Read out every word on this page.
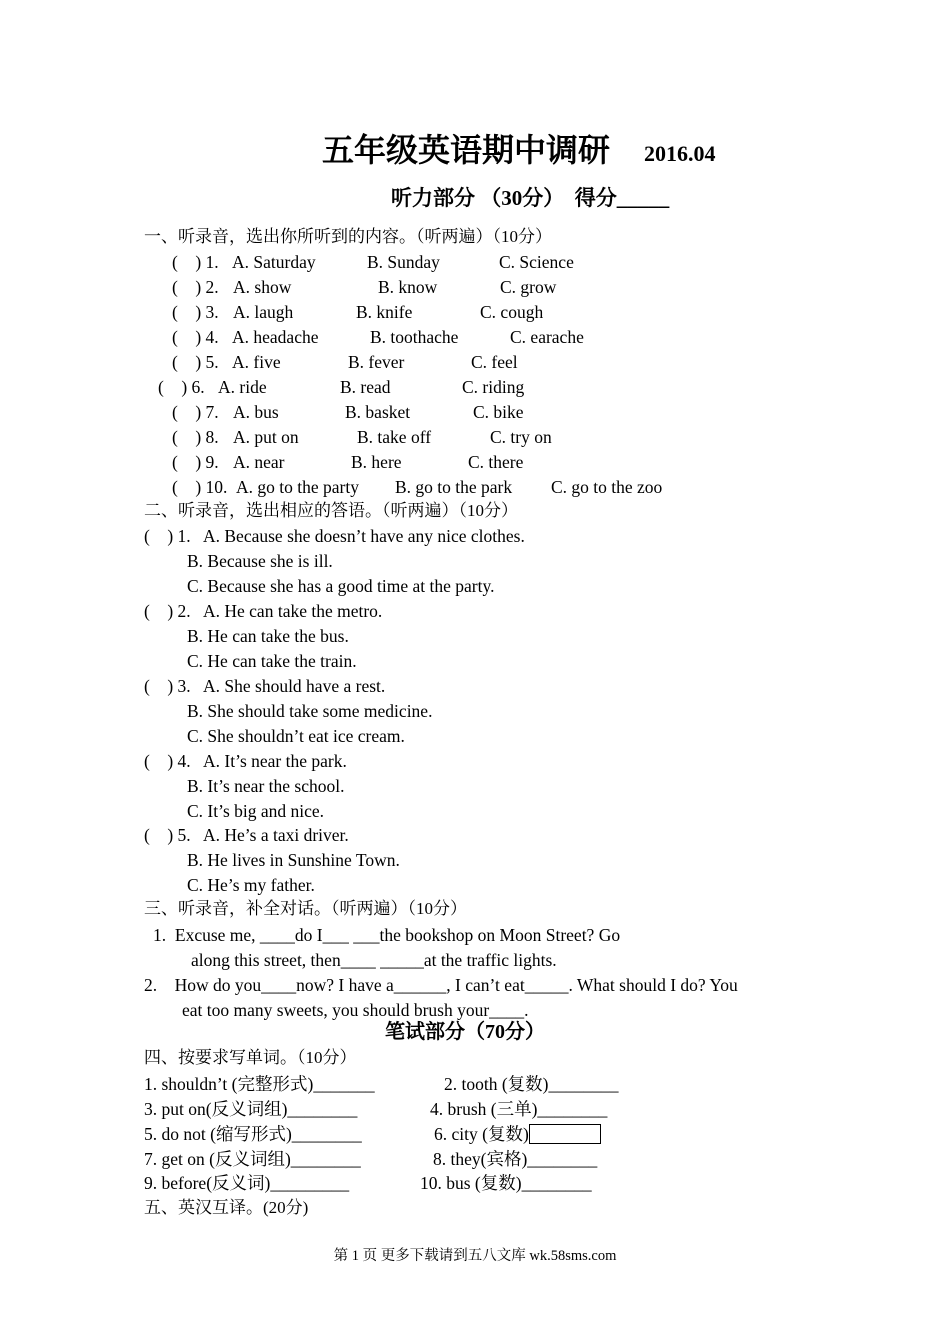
五年级英语期中调研 2016.04
听力部分 （30分）  得分_____
一、听录音，选出你所听到的内容。（听两遍）（10分）
(    ) 1. A. Saturday	B. Sunday	C. Science
(    ) 2. A. show	B. know	C. grow
(    ) 3. A. laugh	B. knife	C. cough
(    ) 4. A. headache	B. toothache	C. earache
(    ) 5. A. five	B. fever	C. feel
(    ) 6. A. ride	B. read	C. riding
(    ) 7. A. bus	B. basket	C. bike
(    ) 8. A. put on	B. take off	C. try on
(    ) 9. A. near	B. here	C. there
(    ) 10. A. go to the party B. go to the park C. go to the zoo
二、听录音，选出相应的答语。（听两遍）（10分）
(    ) 1. A. Because she doesn’t have any nice clothes.
B. Because she is ill.
C. Because she has a good time at the party.
(    ) 2. A. He can take the metro.
B. He can take the bus.
C. He can take the train.
(    ) 3. A. She should have a rest.
B. She should take some medicine.
C. She shouldn’t eat ice cream.
(    ) 4. A. It’s near the park.
B. It’s near the school.
C. It’s big and nice.
(    ) 5. A. He’s a taxi driver.
B. He lives in Sunshine Town.
C. He’s my father.
三、听录音，补全对话。（听两遍）（10分）
1.  Excuse me, ____do I___ ___the bookshop on Moon Street? Go
along this street, then____ _____at the traffic lights.
2.    How do you____now? I have a______, I can’t eat_____. What should I do? You
eat too many sweets, you should brush your____.
笔试部分（70分）
四、按要求写单词。（10分）
1. shouldn’t (完整形式)_______	2. tooth (复数)________
3. put on(反义词组)________	4. brush (三单)________
5. do not (缩写形式)________	6. city (复数)
7. get on (反义词组)________	8. they(宾格)________
9. before(反义词)_________	10. bus (复数)________
五、英汉互译。(20分)
第 1 页 更多下载请到五八文库 wk.58sms.com
